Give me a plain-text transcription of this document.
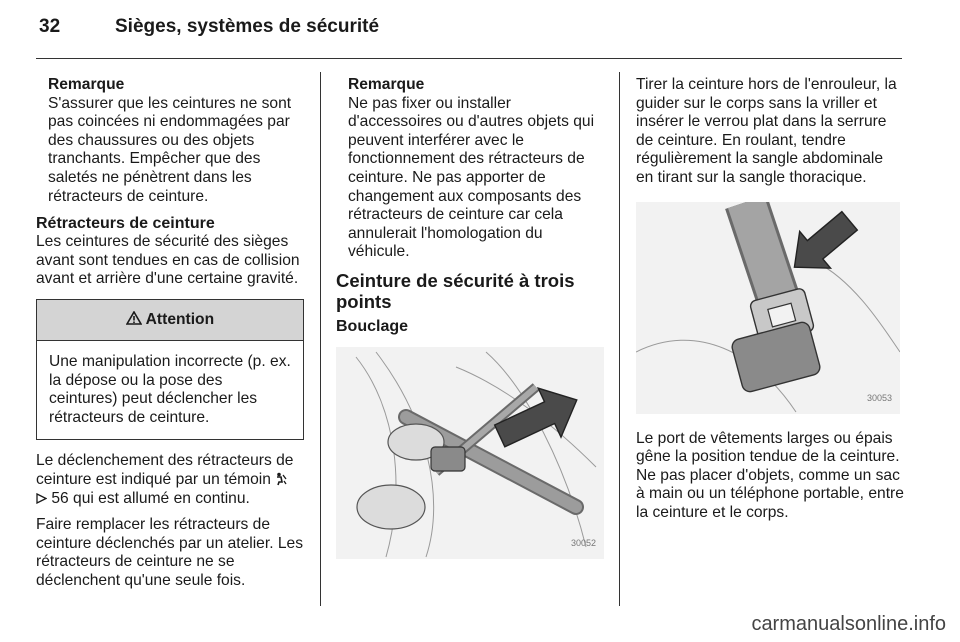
32	Sièges, systèmes de sécurité
Remarque

S'assurer que les ceintures ne sont pas coincées ni endommagées par des chaussures ou des objets tranchants. Empêcher que des saletés ne pénètrent dans les rétracteurs de ceinture.

Rétracteurs de ceinture

Les ceintures de sécurité des sièges avant sont tendues en cas de collision avant et arrière d'une certaine gravité.

Attention
Une manipulation incorrecte (p. ex. la dépose ou la pose des ceintures) peut déclencher les rétracteurs de ceinture.

Le déclenchement des rétracteurs de ceinture est indiqué par un témoin
56 qui est allumé en continu.

Faire remplacer les rétracteurs de ceinture déclenchés par un atelier. Les rétracteurs de ceinture ne se déclenchent qu'une seule fois.

Remarque

Ne pas fixer ou installer d'accessoires ou d'autres objets qui peuvent interférer avec le fonctionnement des rétracteurs de ceinture. Ne pas apporter de changement aux composants des rétracteurs de ceinture car cela annulerait l'homologation du véhicule.

Ceinture de sécurité à trois points
Bouclage
30052

Tirer la ceinture hors de l'enrouleur, la guider sur le corps sans la vriller et insérer le verrou plat dans la serrure de ceinture. En roulant, tendre régulièrement la sangle abdominale en tirant sur la sangle thoracique.

30053

Le port de vêtements larges ou épais gêne la position tendue de la ceinture. Ne pas placer d'objets, comme un sac à main ou un téléphone portable, entre la ceinture et le corps.

carmanualsonline.info
